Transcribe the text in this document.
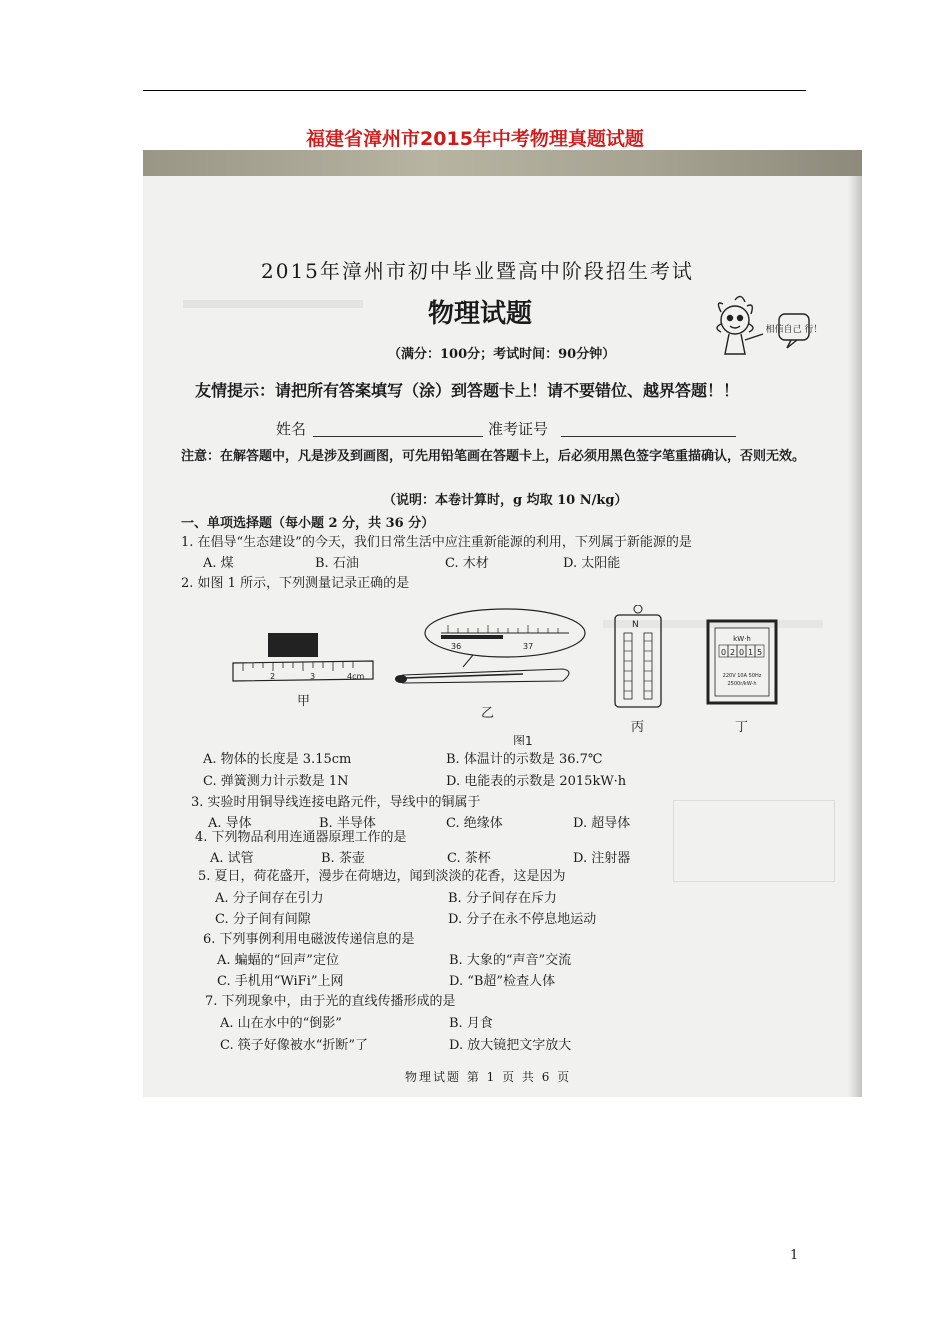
福建省漳州市2015年中考物理真题试题
2015年漳州市初中毕业暨高中阶段招生考试
物理试题
相信自己 行！
（满分：100分；考试时间：90分钟）
友情提示：请把所有答案填写（涂）到答题卡上！请不要错位、越界答题！！
姓名	准考证号
注意：在解答题中，凡是涉及到画图，可先用铅笔画在答题卡上，后必须用黑色签字笔重描确认，否则无效。
（说明：本卷计算时，g 均取 10 N/kg）
一、单项选择题（每小题 2 分，共 36 分）
1. 在倡导“生态建设”的今天，我们日常生活中应注重新能源的利用，下列属于新能源的是
A. 煤	B. 石油	C. 木材	D. 太阳能
2. 如图 1 所示，下列测量记录正确的是
2	3	4cm
甲
36	37
乙
N
丙
kW·h
0 2 0 1 5
220V 10A 50Hz
2500r/kW·h
丁
图1
A. 物体的长度是 3.15cm	B. 体温计的示数是 36.7℃
C. 弹簧测力计示数是 1N	D. 电能表的示数是 2015kW·h
3. 实验时用铜导线连接电路元件，导线中的铜属于
A. 导体	B. 半导体	C. 绝缘体	D. 超导体
4. 下列物品利用连通器原理工作的是
A. 试管	B. 茶壶	C. 茶杯	D. 注射器
5. 夏日，荷花盛开，漫步在荷塘边，闻到淡淡的花香，这是因为
A. 分子间存在引力	B. 分子间存在斥力
C. 分子间有间隙	D. 分子在永不停息地运动
6. 下列事例利用电磁波传递信息的是
A. 蝙蝠的“回声”定位	B. 大象的“声音”交流
C. 手机用“WiFi”上网	D. “B超”检查人体
7. 下列现象中，由于光的直线传播形成的是
A. 山在水中的“倒影”	B. 月食
C. 筷子好像被水“折断”了	D. 放大镜把文字放大
物理试题 第 1 页 共 6 页
1
